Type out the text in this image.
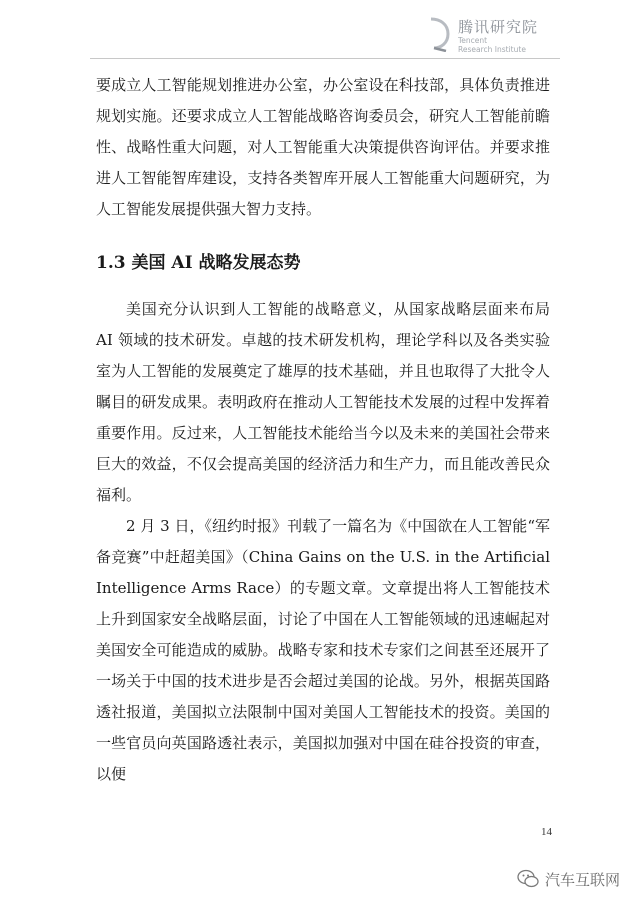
腾讯研究院
Tencent
Research Institute

要成立人工智能规划推进办公室，办公室设在科技部，具体负责推进规划实施。还要求成立人工智能战略咨询委员会，研究人工智能前瞻性、战略性重大问题，对人工智能重大决策提供咨询评估。并要求推进人工智能智库建设，支持各类智库开展人工智能重大问题研究，为人工智能发展提供强大智力支持。

1.3 美国 AI 战略发展态势

美国充分认识到人工智能的战略意义，从国家战略层面来布局 AI 领域的技术研发。卓越的技术研发机构，理论学科以及各类实验室为人工智能的发展奠定了雄厚的技术基础，并且也取得了大批令人瞩目的研发成果。表明政府在推动人工智能技术发展的过程中发挥着重要作用。反过来，人工智能技术能给当今以及未来的美国社会带来巨大的效益，不仅会提高美国的经济活力和生产力，而且能改善民众福利。

2 月 3 日，《纽约时报》刊载了一篇名为《中国欲在人工智能“军备竞赛”中赶超美国》（China Gains on the U.S. in the Artificial Intelligence Arms Race）的专题文章。文章提出将人工智能技术上升到国家安全战略层面，讨论了中国在人工智能领域的迅速崛起对美国安全可能造成的威胁。战略专家和技术专家们之间甚至还展开了一场关于中国的技术进步是否会超过美国的论战。另外，根据英国路透社报道，美国拟立法限制中国对美国人工智能技术的投资。美国的一些官员向英国路透社表示，美国拟加强对中国在硅谷投资的审查，以便

14
汽车互联网
